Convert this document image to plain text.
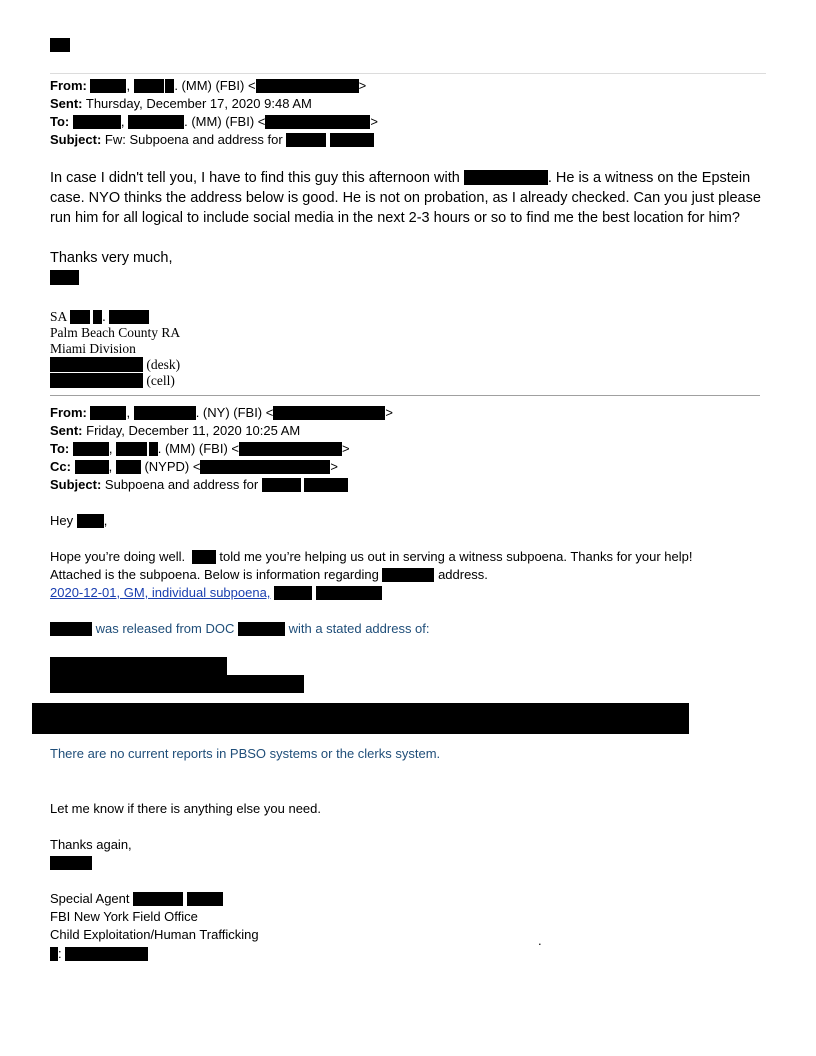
From:	,	. (MM) (FBI) <	>
Sent: Thursday, December 17, 2020 9:48 AM
To:	,	. (MM) (FBI) <	>
Subject: Fw: Subpoena and address for
In case I didn't tell you, I have to find this guy this afternoon with	. He is a witness on the Epstein case. NYO thinks the address below is good. He is not on probation, as I already checked. Can you just please run him for all logical to include social media in the next 2-3 hours or so to find me the best location for him?
Thanks very much,
SA	.
Palm Beach County RA
Miami Division
(desk)
(cell)
From:	,	. (NY) (FBI) <	>
Sent: Friday, December 11, 2020 10:25 AM
To:	,	. (MM) (FBI) <	>
Cc:	,  (NYPD) <	>
Subject: Subpoena and address for
Hey ,
Hope you’re doing well.	told me you’re helping us out in serving a witness subpoena. Thanks for your help!
Attached is the subpoena. Below is information regarding	address.
2020-12-01, GM, individual subpoena,
was released from DOC	with a stated address of:
There are no current reports in PBSO systems or the clerks system.
Let me know if there is anything else you need.
Thanks again,
Special Agent
FBI New York Field Office
Child Exploitation/Human Trafficking
:
.
